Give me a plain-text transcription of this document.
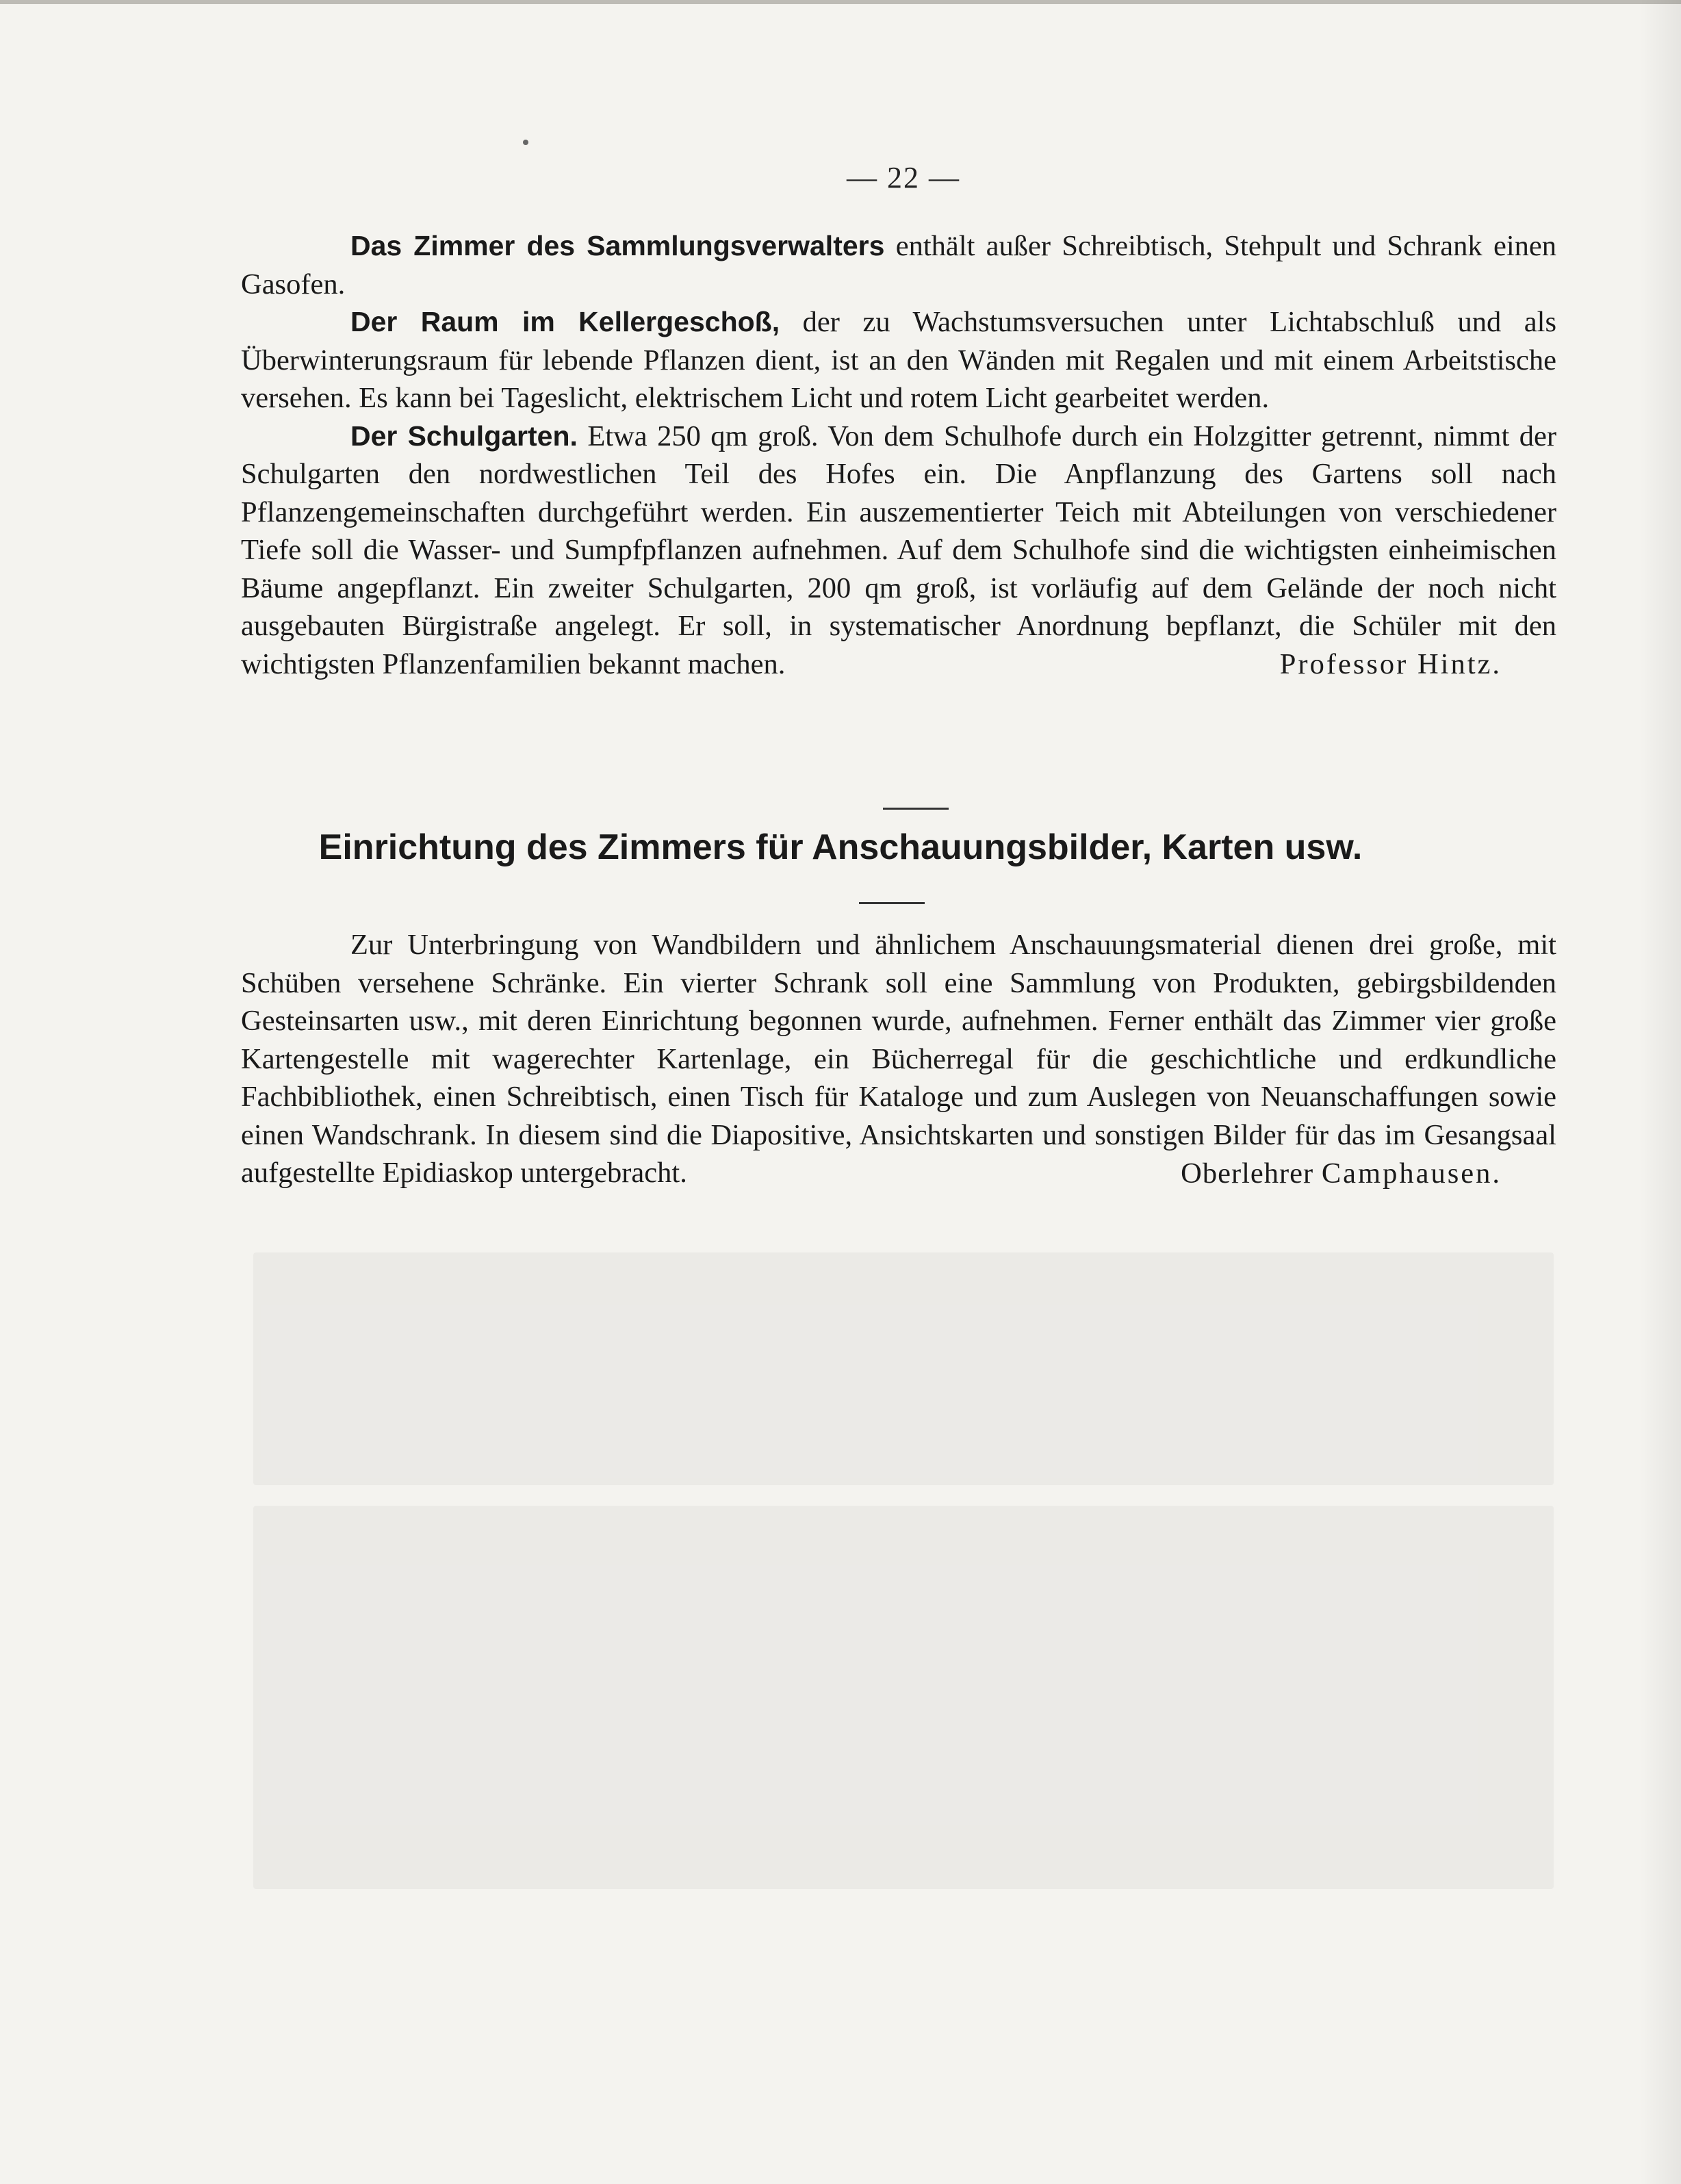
— 22 —

Das Zimmer des Sammlungsverwalters enthält außer Schreibtisch, Stehpult und Schrank einen Gasofen.

Der Raum im Kellergeschoß, der zu Wachstumsversuchen unter Lichtabschluß und als Überwinterungsraum für lebende Pflanzen dient, ist an den Wänden mit Regalen und mit einem Arbeitstische versehen. Es kann bei Tageslicht, elektrischem Licht und rotem Licht gearbeitet werden.

Der Schulgarten. Etwa 250 qm groß. Von dem Schulhofe durch ein Holzgitter getrennt, nimmt der Schulgarten den nordwestlichen Teil des Hofes ein. Die Anpflanzung des Gartens soll nach Pflanzengemeinschaften durchgeführt werden. Ein auszementierter Teich mit Abteilungen von verschiedener Tiefe soll die Wasser- und Sumpfpflanzen aufnehmen. Auf dem Schulhofe sind die wichtigsten einheimischen Bäume angepflanzt. Ein zweiter Schulgarten, 200 qm groß, ist vorläufig auf dem Gelände der noch nicht ausgebauten Bürgistraße angelegt. Er soll, in systematischer Anordnung bepflanzt, die Schüler mit den wichtigsten Pflanzenfamilien bekannt machen.	Professor Hintz.
Einrichtung des Zimmers für Anschauungsbilder, Karten usw.

Zur Unterbringung von Wandbildern und ähnlichem Anschauungsmaterial dienen drei große, mit Schüben versehene Schränke. Ein vierter Schrank soll eine Sammlung von Produkten, gebirgsbildenden Gesteinsarten usw., mit deren Einrichtung begonnen wurde, aufnehmen. Ferner enthält das Zimmer vier große Kartengestelle mit wagerechter Kartenlage, ein Bücherregal für die geschichtliche und erdkundliche Fachbibliothek, einen Schreibtisch, einen Tisch für Kataloge und zum Auslegen von Neuanschaffungen sowie einen Wandschrank. In diesem sind die Diapositive, Ansichtskarten und sonstigen Bilder für das im Gesangsaal aufgestellte Epidiaskop untergebracht.	Oberlehrer Camphausen.
